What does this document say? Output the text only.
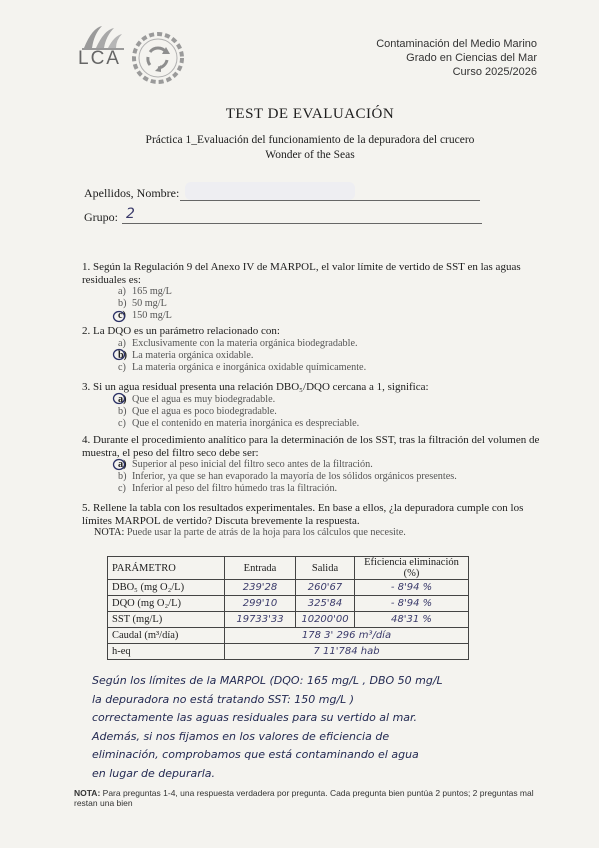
LCA
Contaminación del Medio Marino
Grado en Ciencias del Mar
Curso 2025/2026
TEST DE EVALUACIÓN
Práctica 1_Evaluación del funcionamiento de la depuradora del crucero
Wonder of the Seas
Apellidos, Nombre:
Grupo: 2
1. Según la Regulación 9 del Anexo IV de MARPOL, el valor límite de vertido de SST en las aguas residuales es:
a) 165 mg/L
b) 50 mg/L
c) 150 mg/L
2. La DQO es un parámetro relacionado con:
a) Exclusivamente con la materia orgánica biodegradable.
b) La materia orgánica oxidable.
c) La materia orgánica e inorgánica oxidable químicamente.
3. Si un agua residual presenta una relación DBO₅/DQO cercana a 1, significa:
a) Que el agua es muy biodegradable.
b) Que el agua es poco biodegradable.
c) Que el contenido en materia inorgánica es despreciable.
4. Durante el procedimiento analítico para la determinación de los SST, tras la filtración del volumen de muestra, el peso del filtro seco debe ser:
a) Superior al peso inicial del filtro seco antes de la filtración.
b) Inferior, ya que se han evaporado la mayoría de los sólidos orgánicos presentes.
c) Inferior al peso del filtro húmedo tras la filtración.
5. Rellene la tabla con los resultados experimentales. En base a ellos, ¿la depuradora cumple con los límites MARPOL de vertido? Discuta brevemente la respuesta.
NOTA: Puede usar la parte de atrás de la hoja para los cálculos que necesite.
PARÁMETRO	Entrada	Salida	Eficiencia eliminación (%)
DBO₅ (mg O₂/L)	239'28	260'67	- 8'94 %
DQO (mg O₂/L)	299'10	325'84	- 8'94 %
SST (mg/L)	19733'33	10200'00	48'31 %
Caudal (m³/día)	178 3' 296 m³/día		
h-eq	7 11'784 hab		
Según los límites de la MARPOL (DQO: 165 mg/L , DBO 50 mg/L
la depuradora no está tratando SST: 150 mg/L )
correctamente las aguas residuales para su vertido al mar.
Además, si nos fijamos en los valores de eficiencia de
eliminación, comprobamos que está contaminando el agua
en lugar de depurarla.
NOTA: Para preguntas 1-4, una respuesta verdadera por pregunta. Cada pregunta bien puntúa 2 puntos; 2 preguntas mal restan una bien
